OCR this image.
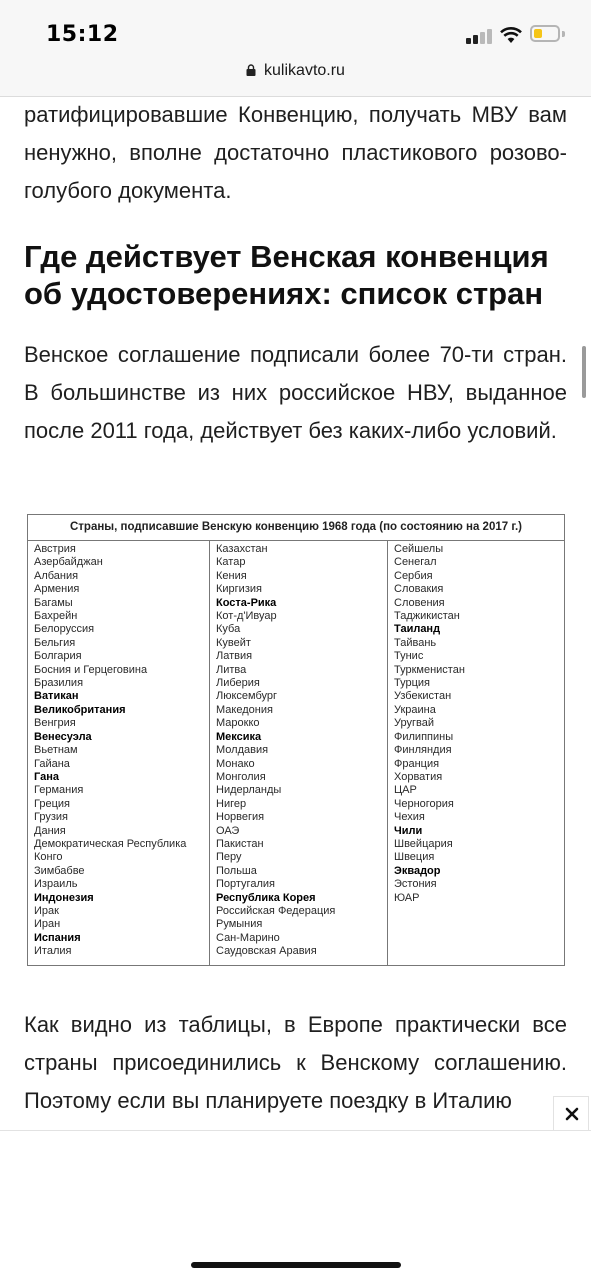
15:12
kulikavto.ru

ратифицировавшие Конвенцию, получать МВУ вам ненужно, вполне достаточно пластикового розово-голубого документа.

Где действует Венская конвенция об удостоверениях: список стран

Венское соглашение подписали более 70-ти стран. В большинстве из них российское НВУ, выданное после 2011 года, действует без каких-либо условий.

Страны, подписавшие Венскую конвенцию 1968 года (по состоянию на 2017 г.)
Австрия
Азербайджан
Албания
Армения
Багамы
Бахрейн
Белоруссия
Бельгия
Болгария
Босния и Герцеговина
Бразилия
Ватикан
Великобритания
Венгрия
Венесуэла
Вьетнам
Гайана
Гана
Германия
Греция
Грузия
Дания
Демократическая Республика
Конго
Зимбабве
Израиль
Индонезия
Ирак
Иран
Испания
Италия
Казахстан
Катар
Кения
Киргизия
Коста-Рика
Кот-д'Ивуар
Куба
Кувейт
Латвия
Литва
Либерия
Люксембург
Македония
Марокко
Мексика
Молдавия
Монако
Монголия
Нидерланды
Нигер
Норвегия
ОАЭ
Пакистан
Перу
Польша
Португалия
Республика Корея
Российская Федерация
Румыния
Сан-Марино
Саудовская Аравия
Сейшелы
Сенегал
Сербия
Словакия
Словения
Таджикистан
Таиланд
Тайвань
Тунис
Туркменистан
Турция
Узбекистан
Украина
Уругвай
Филиппины
Финляндия
Франция
Хорватия
ЦАР
Черногория
Чехия
Чили
Швейцария
Швеция
Эквадор
Эстония
ЮАР

Как видно из таблицы, в Европе практически все страны присоединились к Венскому соглашению. Поэтому если вы планируете поездку в Италию
